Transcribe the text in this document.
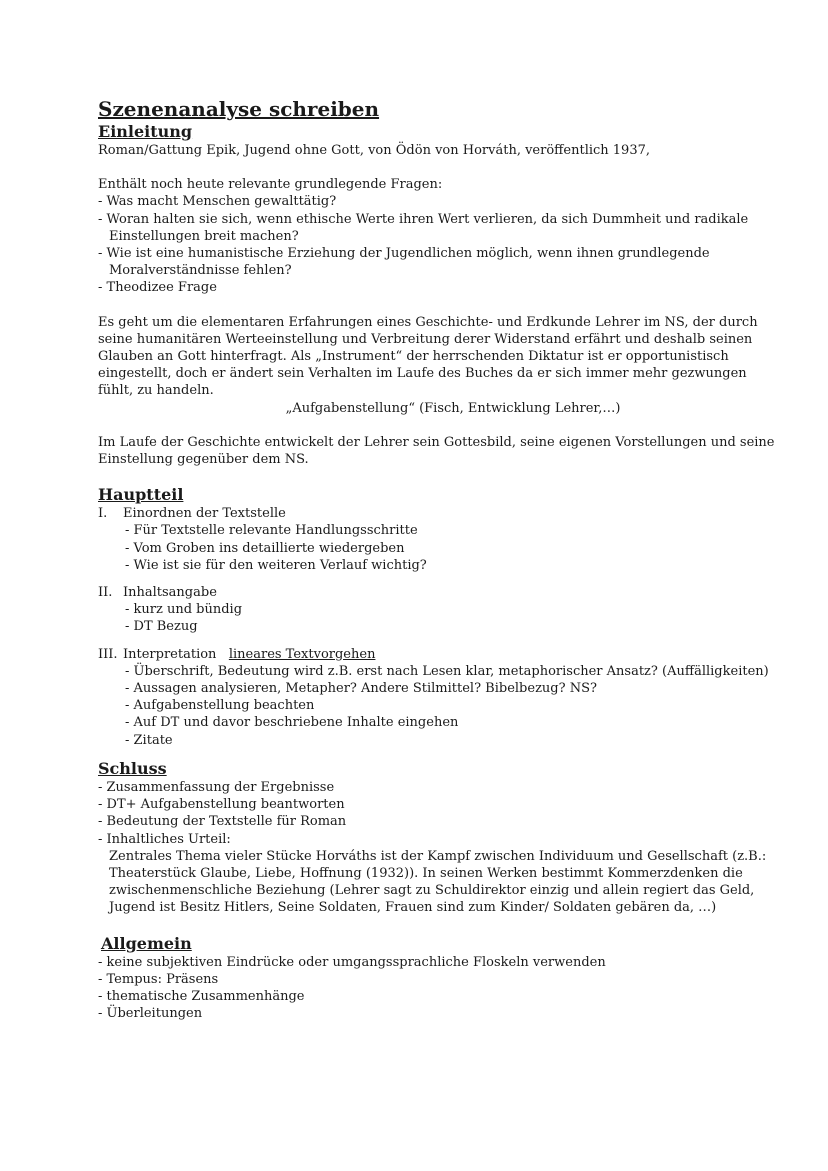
Szenenanalyse schreiben
Einleitung

Roman/Gattung Epik, Jugend ohne Gott, von Ödön von Horváth, veröffentlich 1937,

Enthält noch heute relevante grundlegende Fragen:

- Was macht Menschen gewalttätig?

- Woran halten sie sich, wenn ethische Werte ihren Wert verlieren, da sich Dummheit und radikale

Einstellungen breit machen?

- Wie ist eine humanistische Erziehung der Jugendlichen möglich, wenn ihnen grundlegende

Moralverständnisse fehlen?

- Theodizee Frage

Es geht um die elementaren Erfahrungen eines Geschichte- und Erdkunde Lehrer im NS, der durch

seine humanitären Werteeinstellung und Verbreitung derer Widerstand erfährt und deshalb seinen

Glauben an Gott hinterfragt. Als „Instrument“ der herrschenden Diktatur ist er opportunistisch

eingestellt, doch er ändert sein Verhalten im Laufe des Buches da er sich immer mehr gezwungen

fühlt, zu handeln.

„Aufgabenstellung“ (Fisch, Entwicklung Lehrer,…)

Im Laufe der Geschichte entwickelt der Lehrer sein Gottesbild, seine eigenen Vorstellungen und seine

Einstellung gegenüber dem NS.

Hauptteil

I. Einordnen der Textstelle

- Für Textstelle relevante Handlungsschritte

- Vom Groben ins detaillierte wiedergeben

- Wie ist sie für den weiteren Verlauf wichtig?

II. Inhaltsangabe

- kurz und bündig

- DT Bezug

III. Interpretation lineares Textvorgehen

- Überschrift, Bedeutung wird z.B. erst nach Lesen klar, metaphorischer Ansatz? (Auffälligkeiten)

- Aussagen analysieren, Metapher? Andere Stilmittel? Bibelbezug? NS?

- Aufgabenstellung beachten

- Auf DT und davor beschriebene Inhalte eingehen

- Zitate

Schluss

- Zusammenfassung der Ergebnisse

- DT+ Aufgabenstellung beantworten

- Bedeutung der Textstelle für Roman

- Inhaltliches Urteil:

Zentrales Thema vieler Stücke Horváths ist der Kampf zwischen Individuum und Gesellschaft (z.B.:

Theaterstück Glaube, Liebe, Hoffnung (1932)). In seinen Werken bestimmt Kommerzdenken die

zwischenmenschliche Beziehung (Lehrer sagt zu Schuldirektor einzig und allein regiert das Geld,

Jugend ist Besitz Hitlers, Seine Soldaten, Frauen sind zum Kinder/ Soldaten gebären da, …)

Allgemein

- keine subjektiven Eindrücke oder umgangssprachliche Floskeln verwenden

- Tempus: Präsens

- thematische Zusammenhänge

- Überleitungen
